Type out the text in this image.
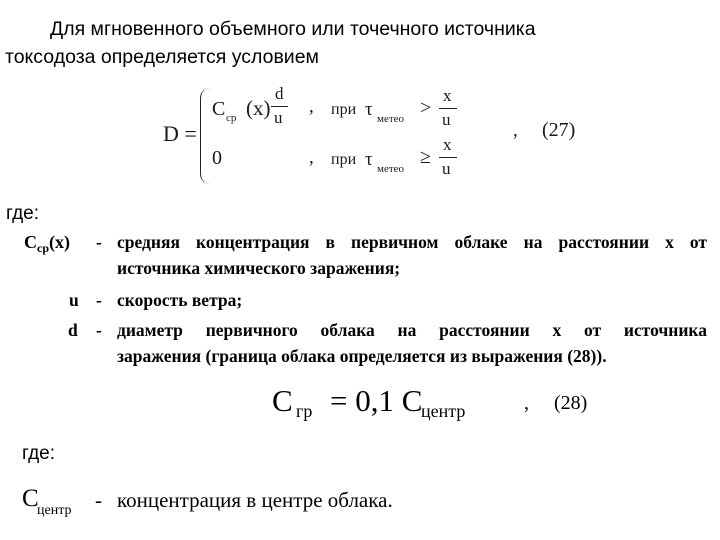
Для мгновенного объемного или точечного источника
токсодоза определяется условием
D =
C ср (x)
d
u
, при τ метео >
x
u
0	, при τ метео
≥
x
u
, (27)
где:
$C_{ср}(x)$ - средняя концентрация в первичном облаке на расстоянии x от
источника химического заражения;
u - скорость ветра;
d - диаметр первичного облака на расстоянии x от источника
заражения (граница облака определяется из выражения (28)).
C гр = 0,1 C
центр	, (28)
где:
C
центр - концентрация в центре облака.
